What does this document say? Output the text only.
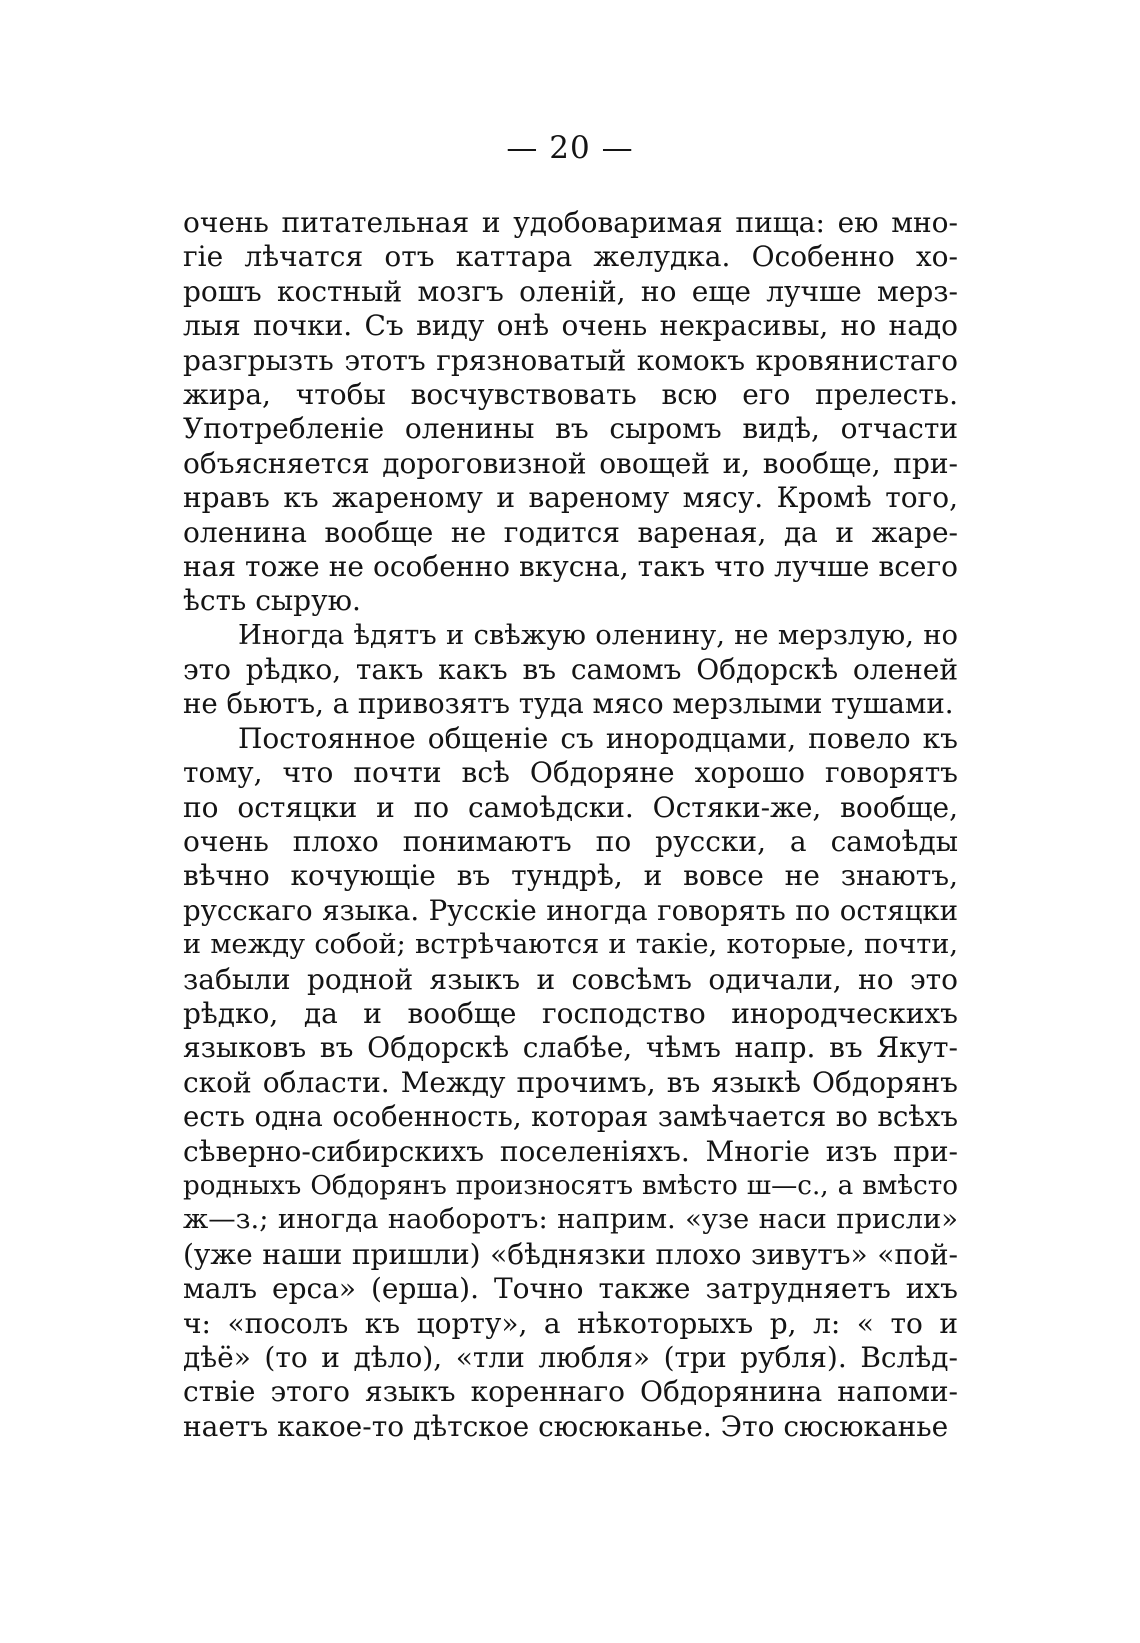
— 20 —
очень питательная и удобоваримая пища: ею мно-
гіе лѣчатся отъ каттара желудка. Особенно хо-
рошъ костный мозгъ оленій, но еще лучше мерз-
лыя почки. Съ виду онѣ очень некрасивы, но надо
разгрызть этотъ грязноватый комокъ кровянистаго
жира, чтобы восчувствовать всю его прелесть.
Употребленіе оленины въ сыромъ видѣ, отчасти
объясняется дороговизной овощей и, вообще, при-
нравъ къ жареному и вареному мясу. Кромѣ того,
оленина вообще не годится вареная, да и жаре-
ная тоже не особенно вкусна, такъ что лучше всего
ѣсть сырую.
Иногда ѣдятъ и свѣжую оленину, не мерзлую, но
это рѣдко, такъ какъ въ самомъ Обдорскѣ оленей
не бьютъ, а привозятъ туда мясо мерзлыми тушами.
Постоянное общеніе съ инородцами, повело къ
тому, что почти всѣ Обдоряне хорошо говорятъ
по остяцки и по самоѣдски. Остяки-же, вообще,
очень плохо понимаютъ по русски, а самоѣды
вѣчно кочующіе въ тундрѣ, и вовсе не знаютъ,
русскаго языка. Русскіе иногда говорять по остяцки
и между собой; встрѣчаются и такіе, которые, почти,
забыли родной языкъ и совсѣмъ одичали, но это
рѣдко, да и вообще господство инородческихъ
языковъ въ Обдорскѣ слабѣе, чѣмъ напр. въ Якут-
ской области. Между прочимъ, въ языкѣ Обдорянъ
есть одна особенность, которая замѣчается во всѣхъ
сѣверно-сибирскихъ поселеніяхъ. Многіе изъ при-
родныхъ Обдорянъ произносятъ вмѣсто ш—с., а вмѣсто
ж—з.; иногда наоборотъ: наприм. «узе наси присли»
(уже наши пришли) «бѣднязки плохо зивутъ» «пой-
малъ ерса» (ерша). Точно также затрудняетъ ихъ
ч: «посолъ къ цорту», а нѣкоторыхъ р, л: « то и
дѣё» (то и дѣло), «тли любля» (три рубля). Вслѣд-
ствіе этого языкъ кореннаго Обдорянина напоми-
наетъ какое-то дѣтское сюсюканье. Это сюсюканье
